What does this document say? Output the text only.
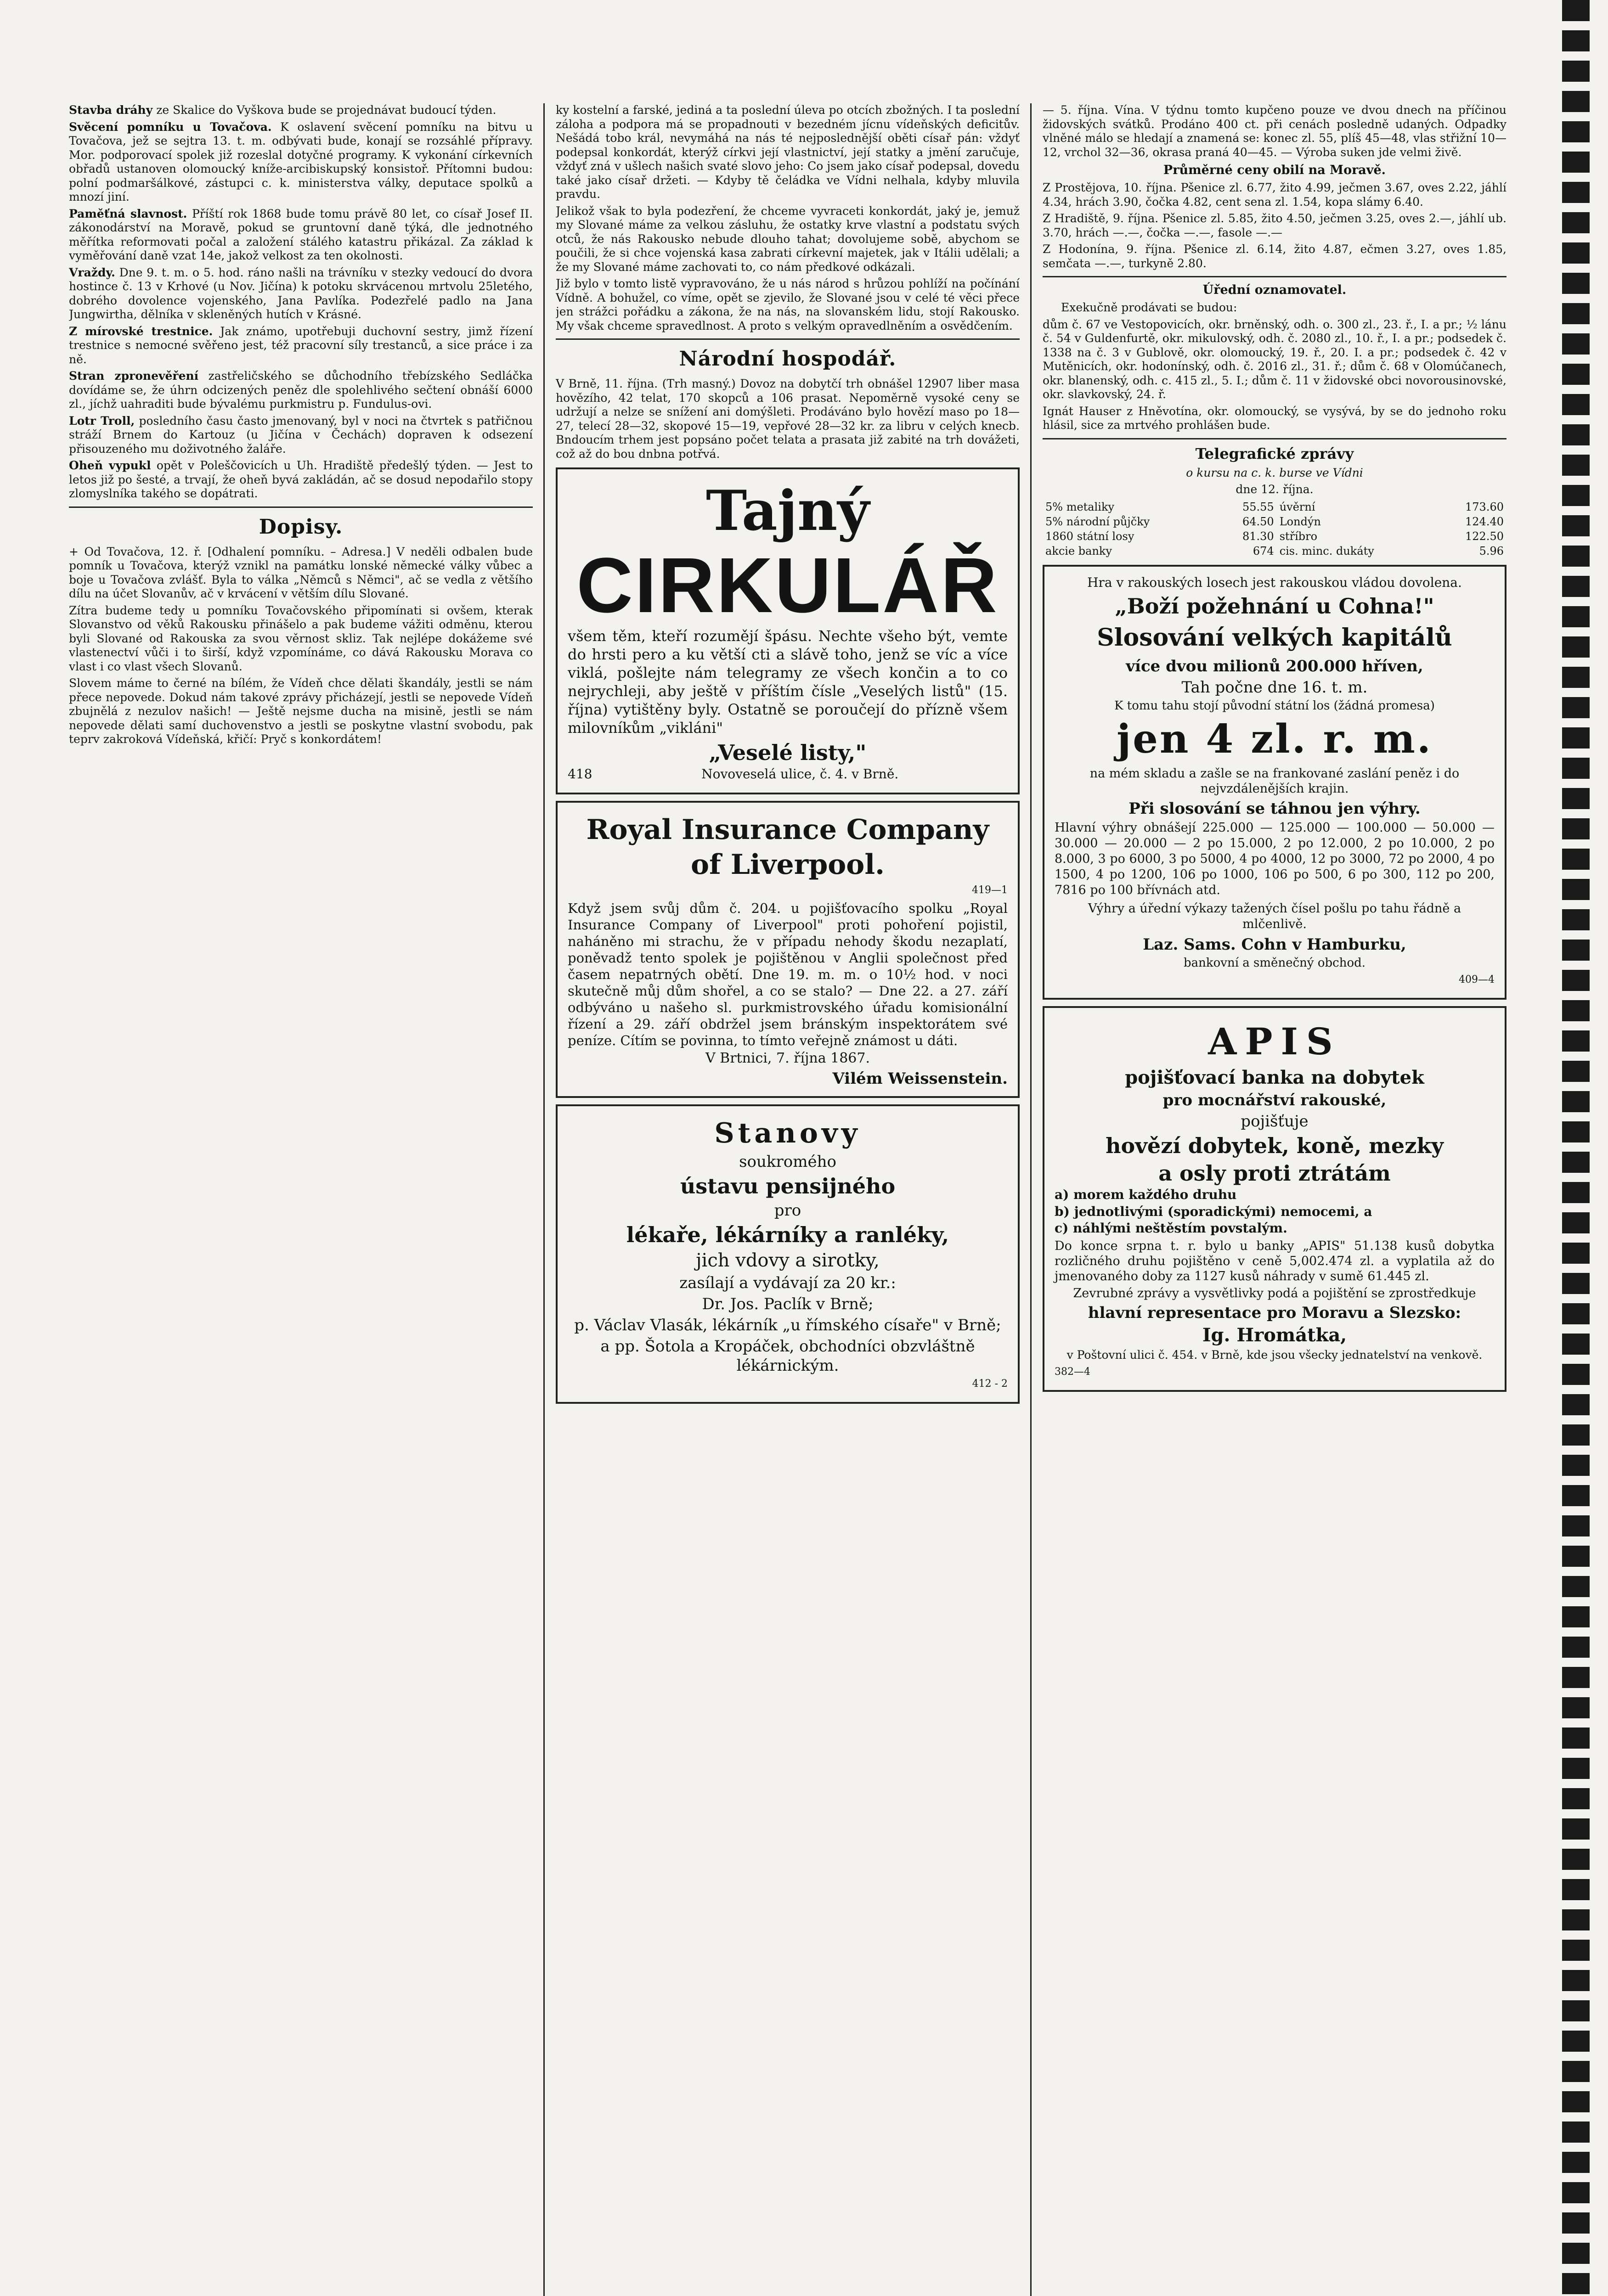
Stavba dráhy ze Skalice do Vyškova bude se projednávat budoucí týden.

Svěcení pomníku u Tovačova. K oslavení svěcení pomníku na bitvu u Tovačova, jež se sejtra 13. t. m. odbývati bude, konají se rozsáhlé přípravy. Mor. podporovací spolek již rozeslal dotyčné programy. K vykonání církevních obřadů ustanoven olomoucký kníže-arcibiskupský konsistoř. Přítomni budou: polní podmaršálkové, zástupci c. k. ministerstva války, deputace spolků a mnozí jiní.

Paměťná slavnost. Příští rok 1868 bude tomu právě 80 let, co císař Josef II. zákonodárství na Moravě, pokud se gruntovní daně týká, dle jednotného měřítka reformovati počal a založení stálého katastru přikázal. Za základ k vyměřování daně vzat 14e, jakož velkost za ten okolnosti.

Vraždy. Dne 9. t. m. o 5. hod. ráno našli na trávníku v stezky vedoucí do dvora hostince č. 13 v Krhové (u Nov. Jičína) k potoku skrvácenou mrtvolu 25letého, dobrého dovolence vojenského, Jana Pavlíka. Podezřelé padlo na Jana Jungwirtha, dělníka v skleněných hutích v Krásné.

Z mírovské trestnice. Jak známo, upotřebuji duchovní sestry, jimž řízení trestnice s nemocné svěřeno jest, též pracovní síly trestanců, a sice práce i za ně.

Stran zpronevěření zastřeličského se důchodního třebízského Sedláčka dovídáme se, že úhrn odcizených peněz dle spolehlivého sečtení obnáší 6000 zl., jíchž uahraditi bude bývalému purkmistru p. Fundulus-ovi.

Lotr Troll, posledního času často jmenovaný, byl v noci na čtvrtek s patřičnou stráží Brnem do Kartouz (u Jičína v Čechách) dopraven k odsezení přisouzeného mu doživotného žaláře.

Oheň vypukl opět v Poleščovicích u Uh. Hradiště předešlý týden. — Jest to letos již po šesté, a trvají, že oheň byvá zakládán, ač se dosud nepodařilo stopy zlomyslníka takého se dopátrati.

Dopisy.

+ Od Tovačova, 12. ř. [Odhalení pomníku. – Adresa.] V neděli odbalen bude pomník u Tovačova, kterýž vznikl na památku lonské německé války vůbec a boje u Tovačova zvlášť. Byla to válka „Němců s Němci", ač se vedla z většího dílu na účet Slovanův, ač v krvácení v větším dílu Slované.

Zítra budeme tedy u pomníku Tovačovského připomínati si ovšem, kterak Slovanstvo od věků Rakousku přinášelo a pak budeme vážiti odměnu, kterou byli Slované od Rakouska za svou věrnost skliz. Tak nejlépe dokážeme své vlastenectví vůči i to širší, když vzpomínáme, co dává Rakousku Morava co vlast i co vlast všech Slovanů.

Slovem máme to černé na bílém, že Vídeň chce dělati škandály, jestli se nám přece nepovede. Dokud nám takové zprávy přicházejí, jestli se nepovede Vídeň zbujnělá z nezulov našich! — Ještě nejsme ducha na misině, jestli se nám nepovede dělati samí duchovenstvo a jestli se poskytne vlastní svobodu, pak teprv zakroková Vídeňská, křičí: Pryč s konkordátem!

ky kostelní a farské, jediná a ta poslední úleva po otcích zbožných. I ta poslední záloha a podpora má se propadnouti v bezedném jícnu vídeňských deficitův. Nešádá tobo král, nevymáhá na nás té nejposlednější oběti císař pán: vždyť podepsal konkordát, kterýž církvi její vlastnictví, její statky a jmění zaručuje, vždyť zná v ušlech našich svaté slovo jeho: Co jsem jako císař podepsal, dovedu také jako císař držeti. — Kdyby tě čeládka ve Vídni nelhala, kdyby mluvila pravdu.

Jelikož však to byla podezření, že chceme vyvraceti konkordát, jaký je, jemuž my Slované máme za velkou zásluhu, že ostatky krve vlastní a podstatu svých otců, že nás Rakousko nebude dlouho tahat; dovolujeme sobě, abychom se poučili, že si chce vojenská kasa zabrati církevní majetek, jak v Itálii udělali; a že my Slované máme zachovati to, co nám předkové odkázali.

Již bylo v tomto listě vypravováno, že u nás národ s hrůzou pohlíží na počínání Vídně. A bohužel, co víme, opět se zjevilo, že Slované jsou v celé té věci přece jen strážci pořádku a zákona, že na nás, na slovanském lidu, stojí Rakousko. My však chceme spravedlnost. A proto s velkým opravedlněním a osvědčením.

Národní hospodář.

V Brně, 11. října. (Trh masný.) Dovoz na dobytčí trh obnášel 12907 liber masa hovězího, 42 telat, 170 skopců a 106 prasat. Nepoměrně vysoké ceny se udržují a nelze se snížení ani domýšleti. Prodáváno bylo hovězí maso po 18—27, telecí 28—32, skopové 15—19, vepřové 28—32 kr. za libru v celých knecb. Bndoucím trhem jest popsáno počet telata a prasata již zabité na trh dovážeti, což až do bou dnbna potřvá.

Tajný
CIRKULÁŘ

všem těm, kteří rozumějí špásu. Nechte všeho být, vemte do hrsti pero a ku větší cti a slávě toho, jenž se víc a více viklá, pošlejte nám telegramy ze všech končin a to co nejrychleji, aby ještě v příštím čísle „Veselých listů" (15. října) vytištěny byly. Ostatně se poroučejí do přízně všem milovníkům „vikláni"

„Veselé listy,"

418	Novoveselá ulice, č. 4. v Brně.

Royal Insurance Company
of Liverpool.

419—1

Když jsem svůj dům č. 204. u pojišťovacího spolku „Royal Insurance Company of Liverpool" proti pohoření pojistil, naháněno mi strachu, že v případu nehody škodu nezaplatí, poněvadž tento spolek je pojištěnou v Anglii společnost před časem nepatrných obětí. Dne 19. m. m. o 10½ hod. v noci skutečně můj dům shořel, a co se stalo? — Dne 22. a 27. září odbýváno u našeho sl. purkmistrovského úřadu komisionální řízení a 29. září obdržel jsem bránským inspektorátem své peníze. Cítím se povinna, to tímto veřejně známost u dáti.

V Brtnici, 7. října 1867.

Vilém Weissenstein.
Stanovy
soukromého
ústavu pensijného
pro
lékaře, lékárníky a ranléky,
jich vdovy a sirotky,
zasílají a vydávají za 20 kr.:
Dr. Jos. Paclík v Brně;
p. Václav Vlasák, lékárník „u římského císaře" v Brně;
a pp. Šotola a Kropáček, obchodníci obzvláštně lékárnickým.

412 - 2

— 5. října. Vína. V týdnu tomto kupčeno pouze ve dvou dnech na příčinou židovských svátků. Prodáno 400 ct. při cenách posledně udaných. Odpadky vlněné málo se hledají a znamená se: konec zl. 55, plíš 45—48, vlas střižní 10—12, vrchol 32—36, okrasa praná 40—45. — Výroba suken jde velmi živě.

Průměrné ceny obilí na Moravě.

Z Prostějova, 10. října. Pšenice zl. 6.77, žito 4.99, ječmen 3.67, oves 2.22, jáhlí 4.34, hrách 3.90, čočka 4.82, cent sena zl. 1.54, kopa slámy 6.40.

Z Hradiště, 9. října. Pšenice zl. 5.85, žito 4.50, ječmen 3.25, oves 2.—, jáhlí ub. 3.70, hrách —.—, čočka —.—, fasole —.—

Z Hodonína, 9. října. Pšenice zl. 6.14, žito 4.87, ečmen 3.27, oves 1.85, semčata —.—, turkyně 2.80.

Úřední oznamovatel.

Exekučně prodávati se budou:

dům č. 67 ve Vestopovicích, okr. brněnský, odh. o. 300 zl., 23. ř., I. a pr.; ½ lánu č. 54 v Guldenfurtě, okr. mikulovský, odh. č. 2080 zl., 10. ř., I. a pr.; podsedek č. 1338 na č. 3 v Gublově, okr. olomoucký, 19. ř., 20. I. a pr.; podsedek č. 42 v Mutěnicích, okr. hodonínský, odh. č. 2016 zl., 31. ř.; dům č. 68 v Olomúčanech, okr. blanenský, odh. c. 415 zl., 5. I.; dům č. 11 v židovské obci novorousinovské, okr. slavkovský, 24. ř.

Ignát Hauser z Hněvotína, okr. olomoucký, se vysývá, by se do jednoho roku hlásil, sice za mrtvého prohlášen bude.

Telegrafické zprávy

o kursu na c. k. burse ve Vídni

dne 12. října.

5% metaliky	55.55	úvěrní	173.60
5% národní půjčky	64.50	Londýn	124.40
1860 státní losy	81.30	stříbro	122.50
akcie banky	674	cis. minc. dukáty	5.96

Hra v rakouských losech jest rakouskou vládou dovolena.

„Boží požehnání u Cohna!"
Slosování velkých kapitálů
více dvou milionů 200.000 hříven,
Tah počne dne 16. t. m.

K tomu tahu stojí původní státní los (žádná promesa)

jen 4 zl. r. m.

na mém skladu a zašle se na frankované zaslání peněz i do nejvzdálenějších krajin.

Při slosování se táhnou jen výhry.

Hlavní výhry obnášejí 225.000 — 125.000 — 100.000 — 50.000 — 30.000 — 20.000 — 2 po 15.000, 2 po 12.000, 2 po 10.000, 2 po 8.000, 3 po 6000, 3 po 5000, 4 po 4000, 12 po 3000, 72 po 2000, 4 po 1500, 4 po 1200, 106 po 1000, 106 po 500, 6 po 300, 112 po 200, 7816 po 100 břívnách atd.

Výhry a úřední výkazy tažených čísel pošlu po tahu řádně a mlčenlivě.

Laz. Sams. Cohn v Hamburku,

bankovní a směnečný obchod.

409—4

APIS
pojišťovací banka na dobytek
pro mocnářství rakouské,
pojišťuje
hovězí dobytek, koně, mezky
a osly proti ztrátám

a) morem každého druhu

b) jednotlivými (sporadickými) nemocemi, a

c) náhlými neštěstím povstalým.

Do konce srpna t. r. bylo u banky „APIS" 51.138 kusů dobytka rozličného druhu pojištěno v ceně 5,002.474 zl. a vyplatila až do jmenovaného doby za 1127 kusů náhrady v sumě 61.445 zl.

Zevrubné zprávy a vysvětlivky podá a pojištění se zprostředkuje

hlavní representace pro Moravu a Slezsko:
Ig. Hromátka,

v Poštovní ulici č. 454. v Brně, kde jsou všecky jednatelství na venkově.

382—4
